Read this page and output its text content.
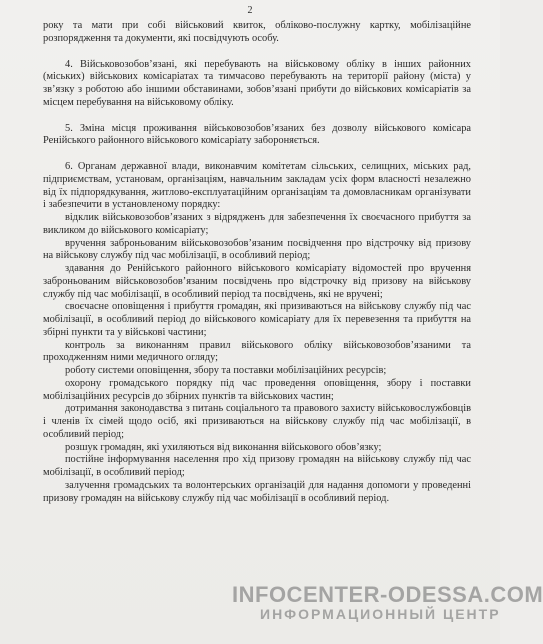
2

року та мати при собі військовий квиток, обліково-послужну картку, мобілізаційне розпорядження та документи, які посвідчують особу.

4. Військовозобов’язані, які перебувають на військовому обліку в інших районних (міських) військових комісаріатах та тимчасово перебувають на території району (міста) у зв’язку з роботою або іншими обставинами, зобов’язані прибути до військових комісаріатів за місцем перебування на військовому обліку.

5. Зміна місця проживання військовозобов’язаних без дозволу військового комісара Ренійського районного військового комісаріату забороняється.

6. Органам державної влади, виконавчим комітетам сільських, селищних, міських рад, підприємствам, установам, організаціям, навчальним закладам усіх форм власності незалежно від їх підпорядкування, житлово-експлуатаційним організаціям та домовласникам організувати і забезпечити в установленому порядку:

відклик військовозобов’язаних з відрядженъ для забезпечення їх своєчасного прибуття за викликом до військового комісаріату;

вручення заброньованим військовозобов’язаним посвідчення про відстрочку від призову на військову службу під час мобілізації, в особливий період;

здавання до Ренійського районного військового комісаріату відомостей про вручення заброньованим військовозобов’язаним посвідчень про відстрочку від призову на військову службу під час мобілізації, в особливий період та посвідчень, які не вручені;

своєчасне оповіщення і прибуття громадян, які призиваються на військову службу під час мобілізації, в особливий період до військового комісаріату для їх перевезення та прибуття на збірні пункти та у військові частини;

контроль за виконанням правил військового обліку військовозобов’язаними та проходженням ними медичного огляду;

роботу системи оповіщення, збору та поставки мобілізаційних ресурсів;

охорону громадського порядку під час проведення оповіщення, збору і поставки мобілізаційних ресурсів до збірних пунктів та військових частин;

дотримання законодавства з питань соціального та правового захисту військовослужбовців і членів їх сімей щодо осіб, які призиваються на військову службу під час мобілізації, в особливий період;

розшук громадян, які ухиляються від виконання військового обов’язку;

постійне інформування населення про хід призову громадян на військову службу під час мобілізації, в особливий період;

залучення громадських та волонтерських організацій для надання допомоги у проведенні призову громадян на військову службу під час мобілізації в особливий період.

INFOCENTER-ODESSA.COM
ИНФОРМАЦИОННЫЙ ЦЕНТР
